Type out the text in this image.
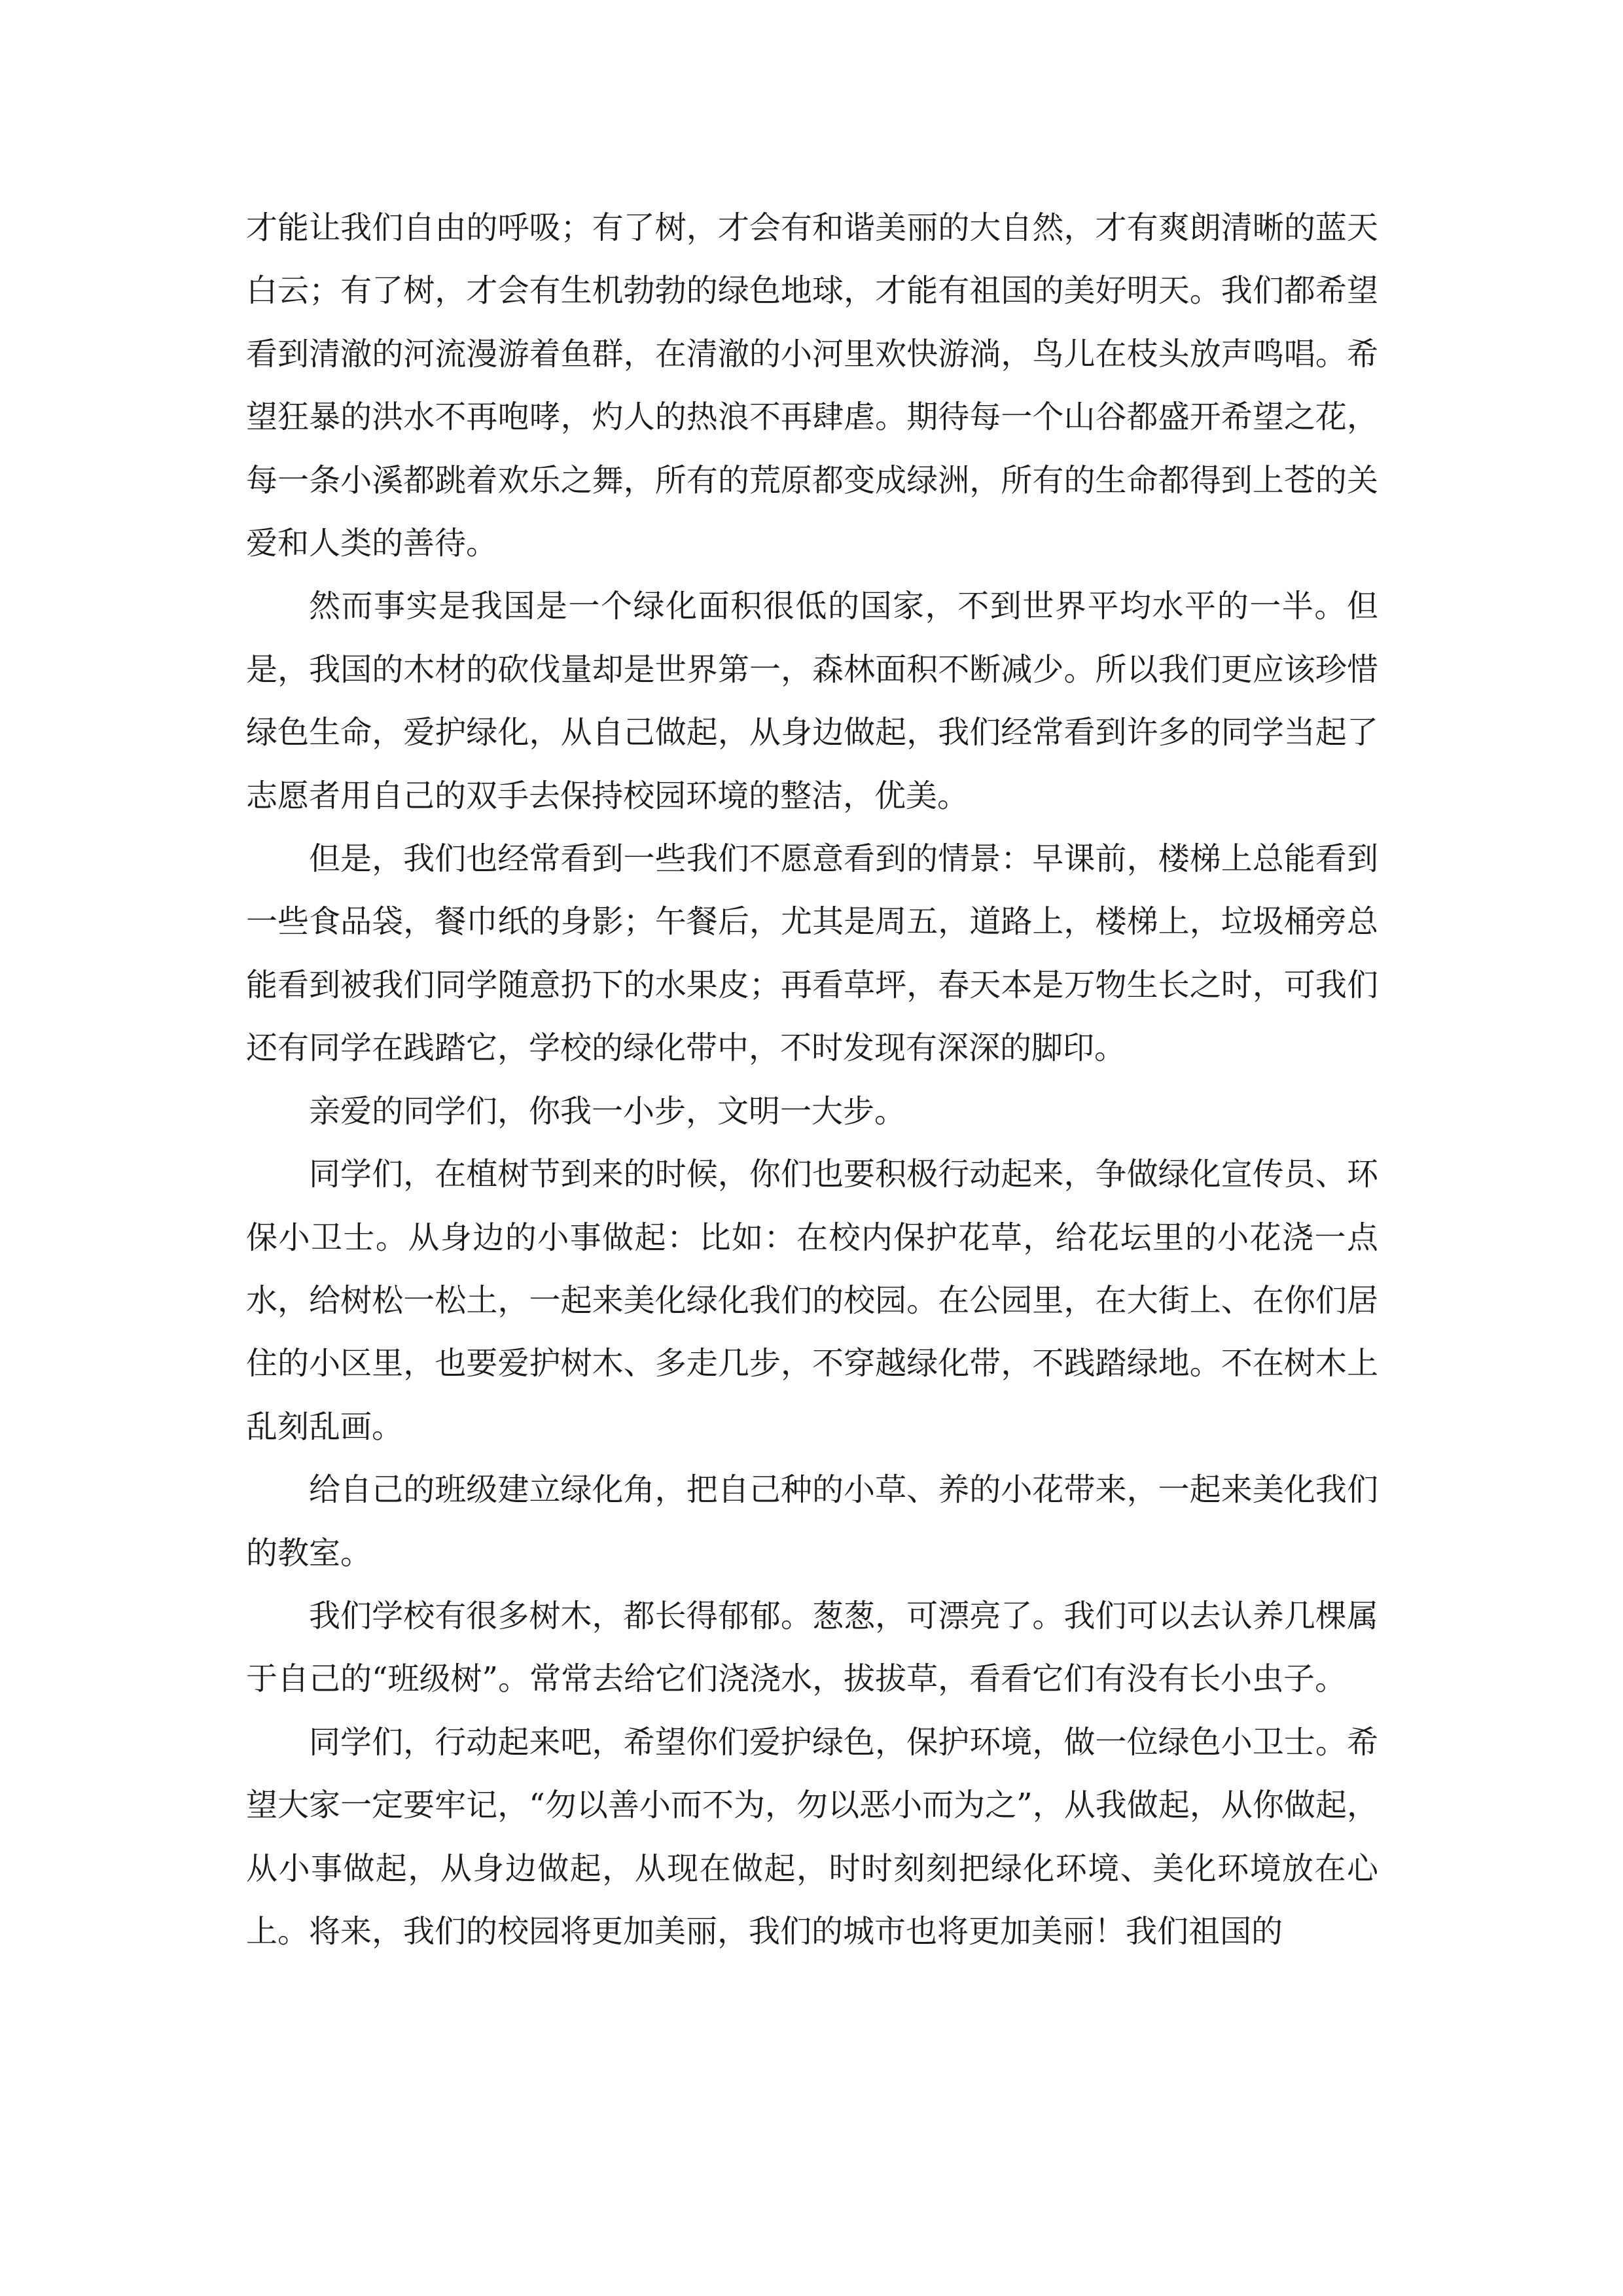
才能让我们自由的呼吸；有了树，才会有和谐美丽的大自然，才有爽朗清晰的蓝天白云；有了树，才会有生机勃勃的绿色地球，才能有祖国的美好明天。我们都希望看到清澈的河流漫游着鱼群，在清澈的小河里欢快游淌，鸟儿在枝头放声鸣唱。希望狂暴的洪水不再咆哮，灼人的热浪不再肆虐。期待每一个山谷都盛开希望之花，每一条小溪都跳着欢乐之舞，所有的荒原都变成绿洲，所有的生命都得到上苍的关爱和人类的善待。

然而事实是我国是一个绿化面积很低的国家，不到世界平均水平的一半。但是，我国的木材的砍伐量却是世界第一，森林面积不断减少。所以我们更应该珍惜绿色生命，爱护绿化，从自己做起，从身边做起，我们经常看到许多的同学当起了志愿者用自己的双手去保持校园环境的整洁，优美。

但是，我们也经常看到一些我们不愿意看到的情景：早课前，楼梯上总能看到一些食品袋，餐巾纸的身影；午餐后，尤其是周五，道路上，楼梯上，垃圾桶旁总能看到被我们同学随意扔下的水果皮；再看草坪，春天本是万物生长之时，可我们还有同学在践踏它，学校的绿化带中，不时发现有深深的脚印。

亲爱的同学们，你我一小步，文明一大步。

同学们，在植树节到来的时候，你们也要积极行动起来，争做绿化宣传员、环保小卫士。从身边的小事做起：比如：在校内保护花草，给花坛里的小花浇一点水，给树松一松土，一起来美化绿化我们的校园。在公园里，在大街上、在你们居住的小区里，也要爱护树木、多走几步，不穿越绿化带，不践踏绿地。不在树木上乱刻乱画。

给自己的班级建立绿化角，把自己种的小草、养的小花带来，一起来美化我们的教室。

我们学校有很多树木，都长得郁郁。葱葱，可漂亮了。我们可以去认养几棵属于自己的“班级树”。常常去给它们浇浇水，拔拔草，看看它们有没有长小虫子。

同学们，行动起来吧，希望你们爱护绿色，保护环境，做一位绿色小卫士。希望大家一定要牢记，“勿以善小而不为，勿以恶小而为之”，从我做起，从你做起，从小事做起，从身边做起，从现在做起，时时刻刻把绿化环境、美化环境放在心上。将来，我们的校园将更加美丽，我们的城市也将更加美丽！我们祖国的
